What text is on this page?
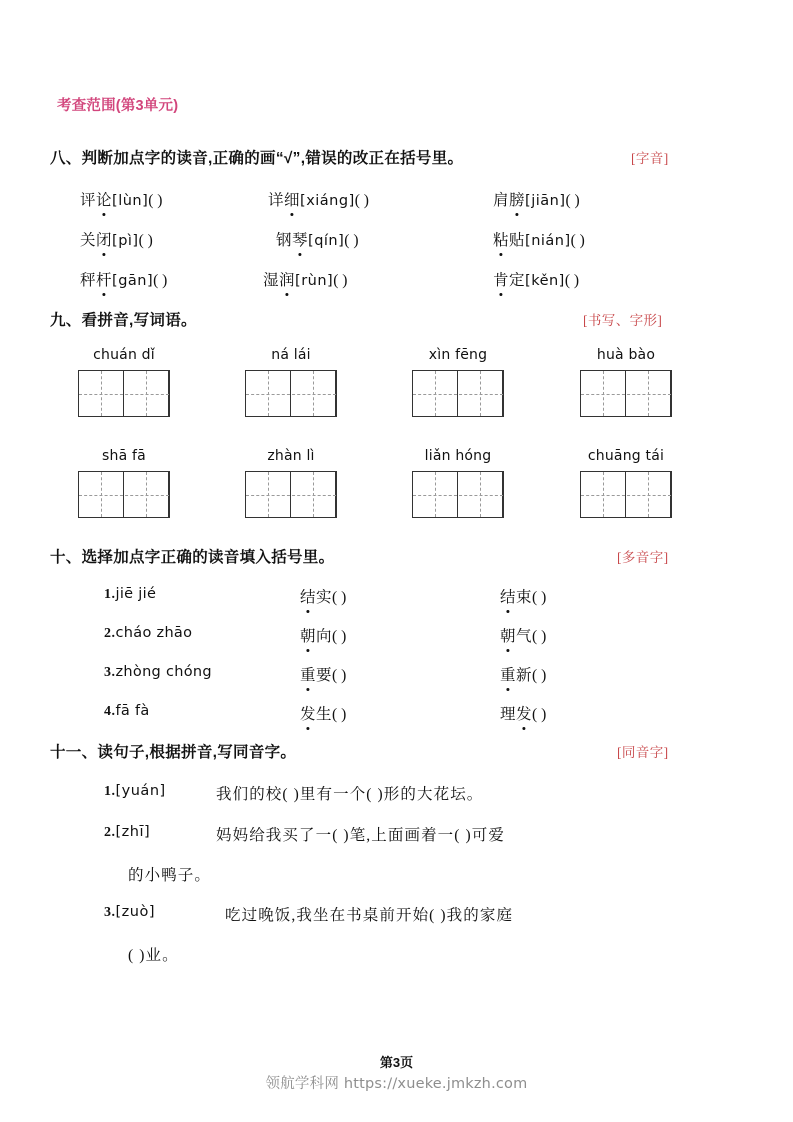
考查范围(第3单元)
八、判断加点字的读音,正确的画“√”,错误的改正在括号里。	[字音]
评论[lùn]( )	详细[xiáng]( )	肩膀[jiān]( )
关闭[pì]( )	钢琴[qín]( )	粘贴[nián]( )
秤杆[gān]( )	湿润[rùn]( )	肯定[kěn]( )
九、看拼音,写词语。	[书写、字形]
chuán dǐ	ná lái	xìn fēng	huà bào
shā fā	zhàn lì	liǎn hóng	chuāng tái
十、选择加点字正确的读音填入括号里。	[多音字]
1.jiē jié	结实( )	结束( )
2.cháo zhāo	朝向( )	朝气( )
3.zhòng chóng	重要( )	重新( )
4.fā fà	发生( )	理发( )
十一、读句子,根据拼音,写同音字。	[同音字]
1.[yuán]	我们的校( )里有一个( )形的大花坛。
2.[zhī]	妈妈给我买了一( )笔,上面画着一( )可爱
的小鸭子。
3.[zuò]	吃过晚饭,我坐在书桌前开始( )我的家庭
( )业。
第3页
领航学科网 https://xueke.jmkzh.com
